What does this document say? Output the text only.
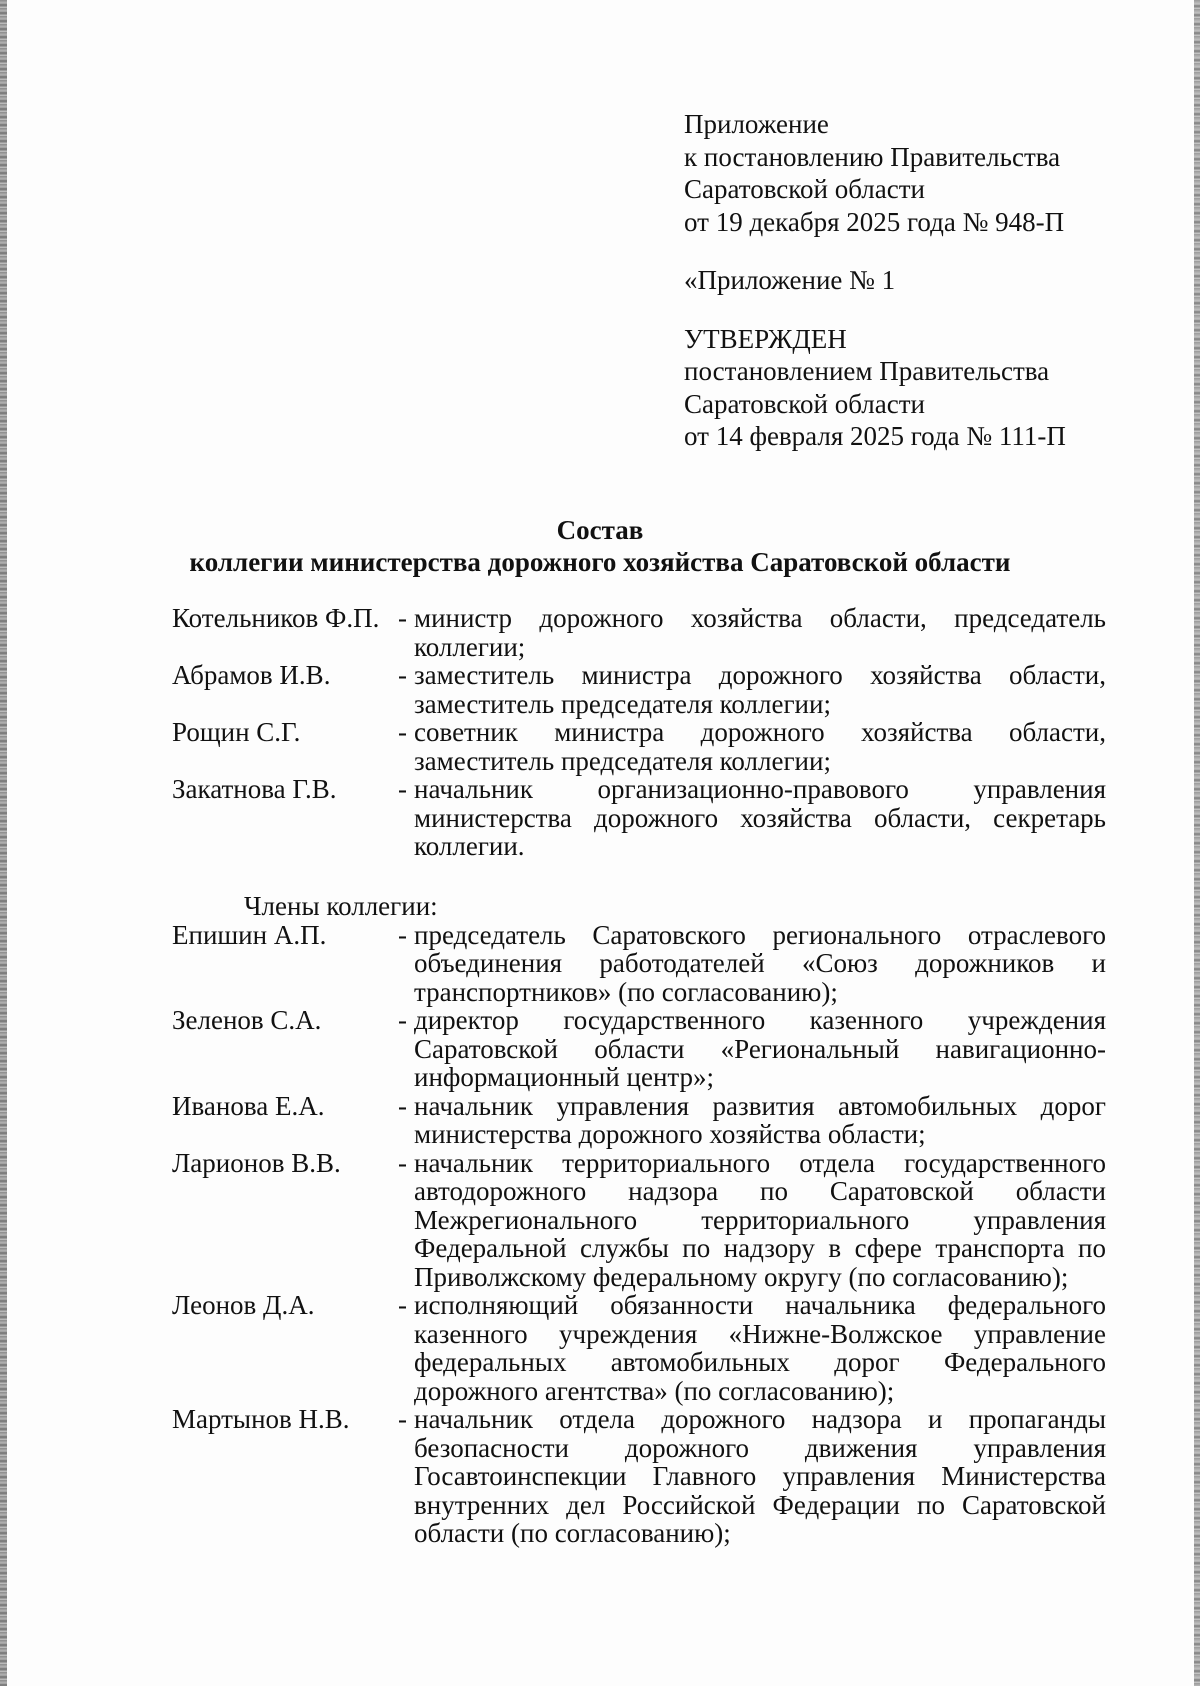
Приложение

к постановлению Правительства

Саратовской области

от 19 декабря 2025 года № 948-П

«Приложение № 1

УТВЕРЖДЕН

постановлением Правительства

Саратовской области

от 14 февраля 2025 года № 111-П

Состав
коллегии министерства дорожного хозяйства Саратовской области
Котельников Ф.П. - министр дорожного хозяйства области, председатель коллегии;
Абрамов И.В.	- заместитель министра дорожного хозяйства области, заместитель председателя коллегии;
Рощин С.Г.	- советник министра дорожного хозяйства области, заместитель председателя коллегии;
Закатнова Г.В.	- начальник организационно-правового управления министерства дорожного хозяйства области, секретарь коллегии.
Члены коллегии:
Епишин А.П.	- председатель Саратовского регионального отраслевого объединения работодателей «Союз дорожников и транспортников» (по согласованию);
Зеленов С.А.	- директор государственного казенного учреждения Саратовской области «Региональный навигационно-информационный центр»;
Иванова Е.А.	- начальник управления развития автомобильных дорог министерства дорожного хозяйства области;
Ларионов В.В.	- начальник территориального отдела государственного автодорожного надзора по Саратовской области Межрегионального территориального управления Федеральной службы по надзору в сфере транспорта по Приволжскому федеральному округу (по согласованию);
Леонов Д.А.	- исполняющий обязанности начальника федерального казенного учреждения «Нижне-Волжское управление федеральных автомобильных дорог Федерального дорожного агентства» (по согласованию);
Мартынов Н.В.	- начальник отдела дорожного надзора и пропаганды безопасности дорожного движения управления Госавтоинспекции Главного управления Министерства внутренних дел Российской Федерации по Саратовской области (по согласованию);
